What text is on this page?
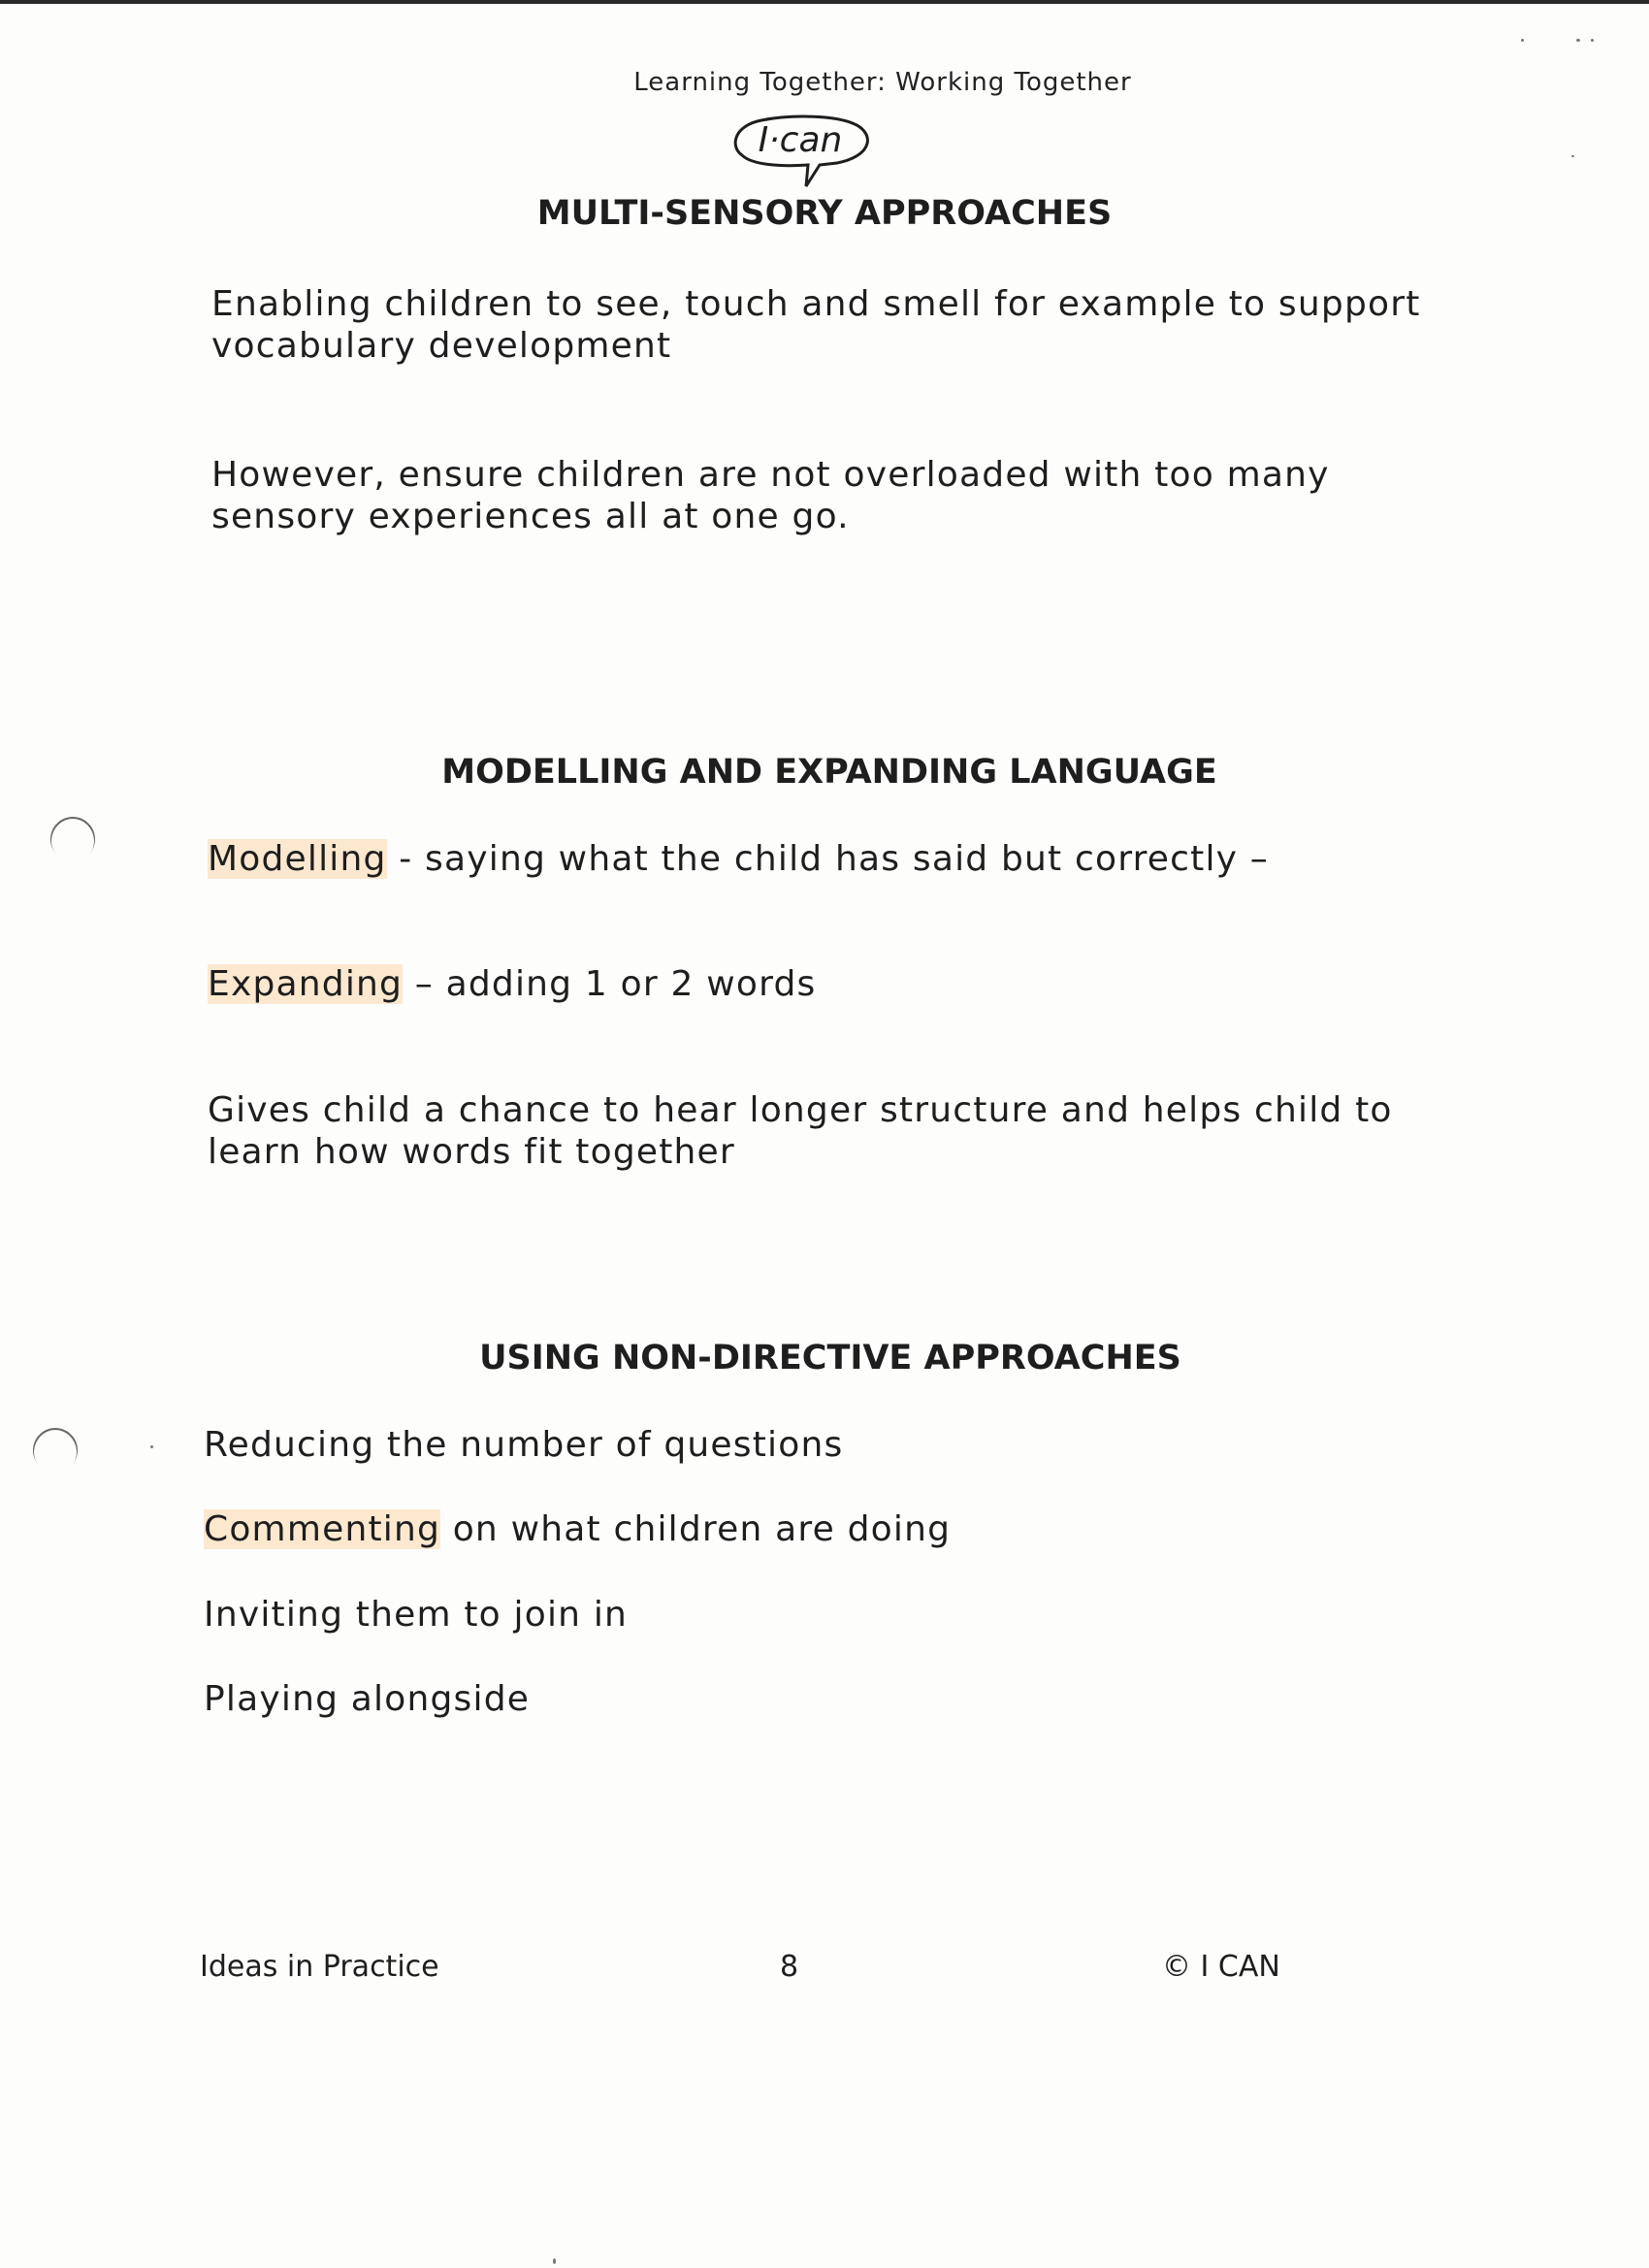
Learning Together: Working Together
I·can
MULTI-SENSORY APPROACHES
Enabling children to see, touch and smell for example to support
vocabulary development
However, ensure children are not overloaded with too many
sensory experiences all at one go.
MODELLING AND EXPANDING LANGUAGE
Modelling - saying what the child has said but correctly –
Expanding – adding 1 or 2 words
Gives child a chance to hear longer structure and helps child to
learn how words fit together
USING NON-DIRECTIVE APPROACHES
Reducing the number of questions
Commenting on what children are doing
Inviting them to join in
Playing alongside
Ideas in Practice	8	© I CAN
